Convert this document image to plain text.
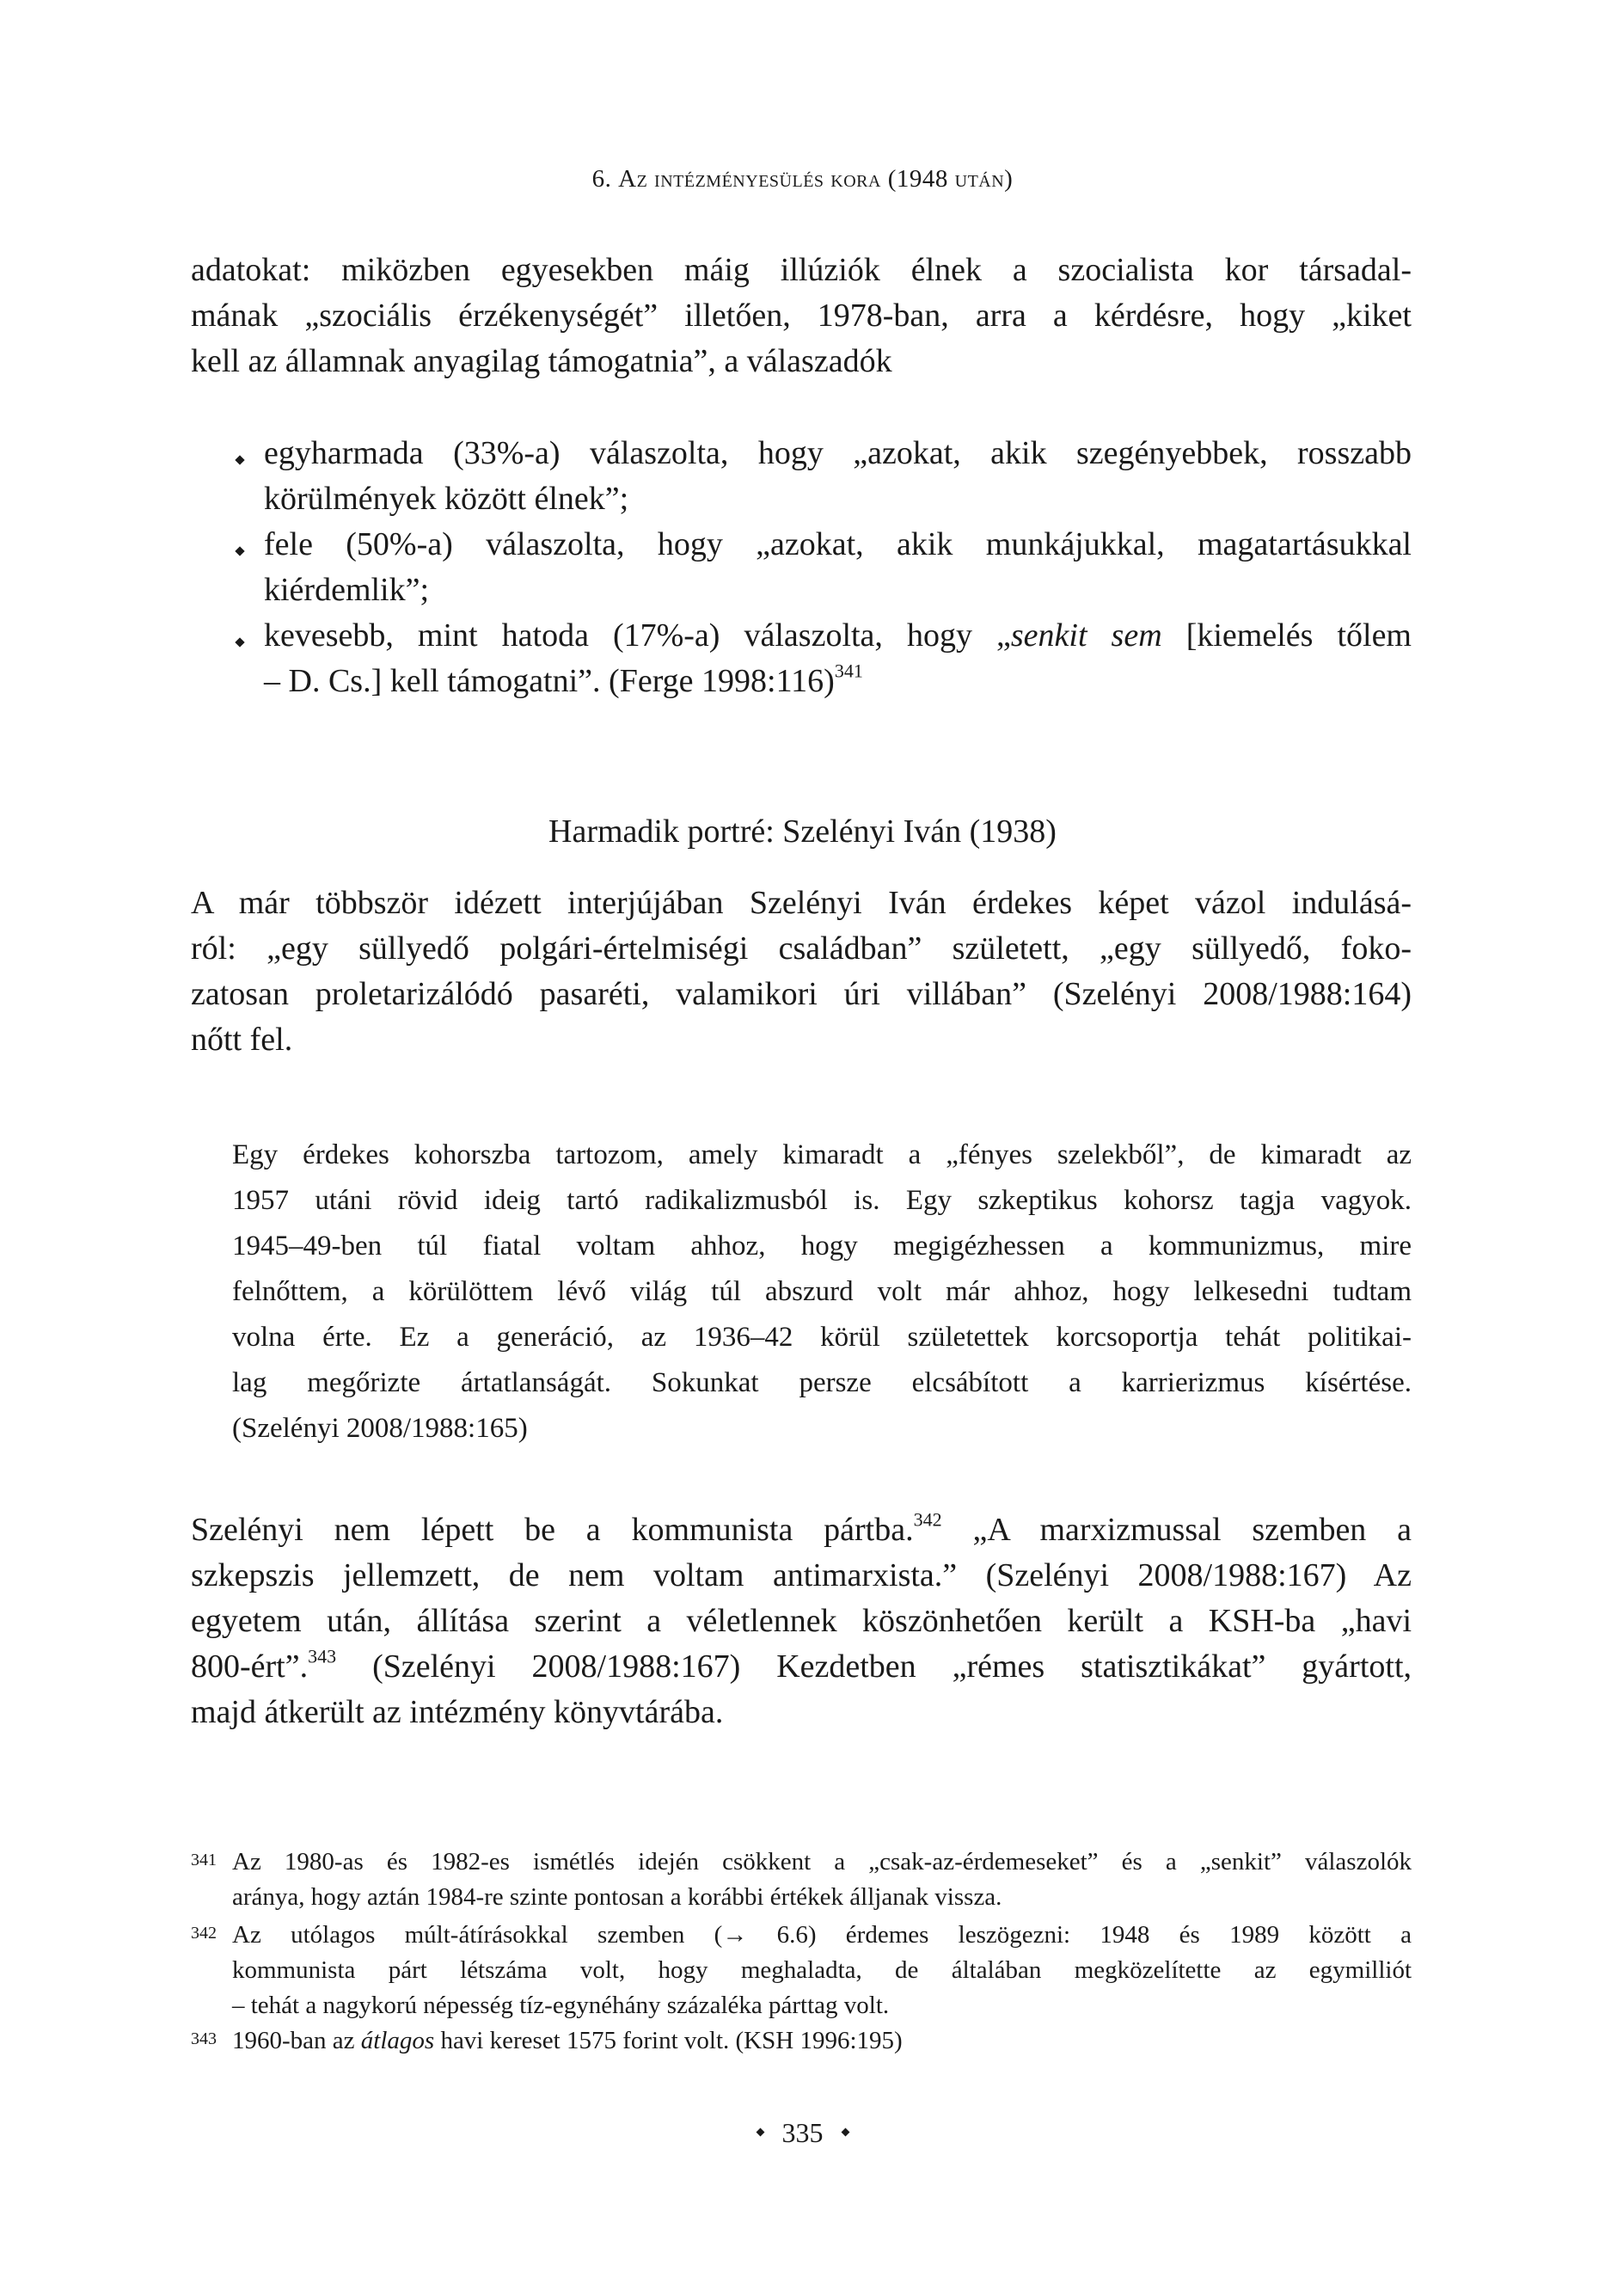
6. Az intézményesülés kora (1948 után)
adatokat: miközben egyesekben máig illúziók élnek a szocialista kor társadal-
mának „szociális érzékenységét” illetően, 1978-ban, arra a kérdésre, hogy „kiket
kell az államnak anyagilag támogatnia”, a válaszadók
egyharmada (33%-a) válaszolta, hogy „azokat, akik szegényebbek, rosszabb
körülmények között élnek”;
fele (50%-a) válaszolta, hogy „azokat, akik munkájukkal, magatartásukkal
kiérdemlik”;
kevesebb, mint hatoda (17%-a) válaszolta, hogy „senkit sem [kiemelés tőlem
– D. Cs.] kell támogatni”. (Ferge 1998:116)$^{341}$
Harmadik portré: Szelényi Iván (1938)
A már többször idézett interjújában Szelényi Iván érdekes képet vázol indulásá-
ról: „egy süllyedő polgári-értelmiségi családban” született, „egy süllyedő, foko-
zatosan proletarizálódó pasaréti, valamikori úri villában” (Szelényi 2008/1988:164)
nőtt fel.
Egy érdekes kohorszba tartozom, amely kimaradt a „fényes szelekből”, de kimaradt az
1957 utáni rövid ideig tartó radikalizmusból is. Egy szkeptikus kohorsz tagja vagyok.
1945–49-ben túl fiatal voltam ahhoz, hogy megigézhessen a kommunizmus, mire
felnőttem, a körülöttem lévő világ túl abszurd volt már ahhoz, hogy lelkesedni tudtam
volna érte. Ez a generáció, az 1936–42 körül születettek korcsoportja tehát politikai-
lag megőrizte ártatlanságát. Sokunkat persze elcsábított a karrierizmus kísértése.
(Szelényi 2008/1988:165)
Szelényi nem lépett be a kommunista pártba.$^{342}$ „A marxizmussal szemben a
szkepszis jellemzett, de nem voltam antimarxista.” (Szelényi 2008/1988:167) Az
egyetem után, állítása szerint a véletlennek köszönhetően került a KSH-ba „havi
800-ért”.$^{343}$ (Szelényi 2008/1988:167) Kezdetben „rémes statisztikákat” gyártott,
majd átkerült az intézmény könyvtárába.
341 Az 1980-as és 1982-es ismétlés idején csökkent a „csak-az-érdemeseket” és a „senkit” válaszolók
aránya, hogy aztán 1984-re szinte pontosan a korábbi értékek álljanak vissza.
342 Az utólagos múlt-átírásokkal szemben (→ 6.6) érdemes leszögezni: 1948 és 1989 között a
kommunista párt létszáma volt, hogy meghaladta, de általában megközelítette az egymilliót
– tehát a nagykorú népesség tíz-egynéhány százaléka párttag volt.
343 1960-ban az átlagos havi kereset 1575 forint volt. (KSH 1996:195)
335
